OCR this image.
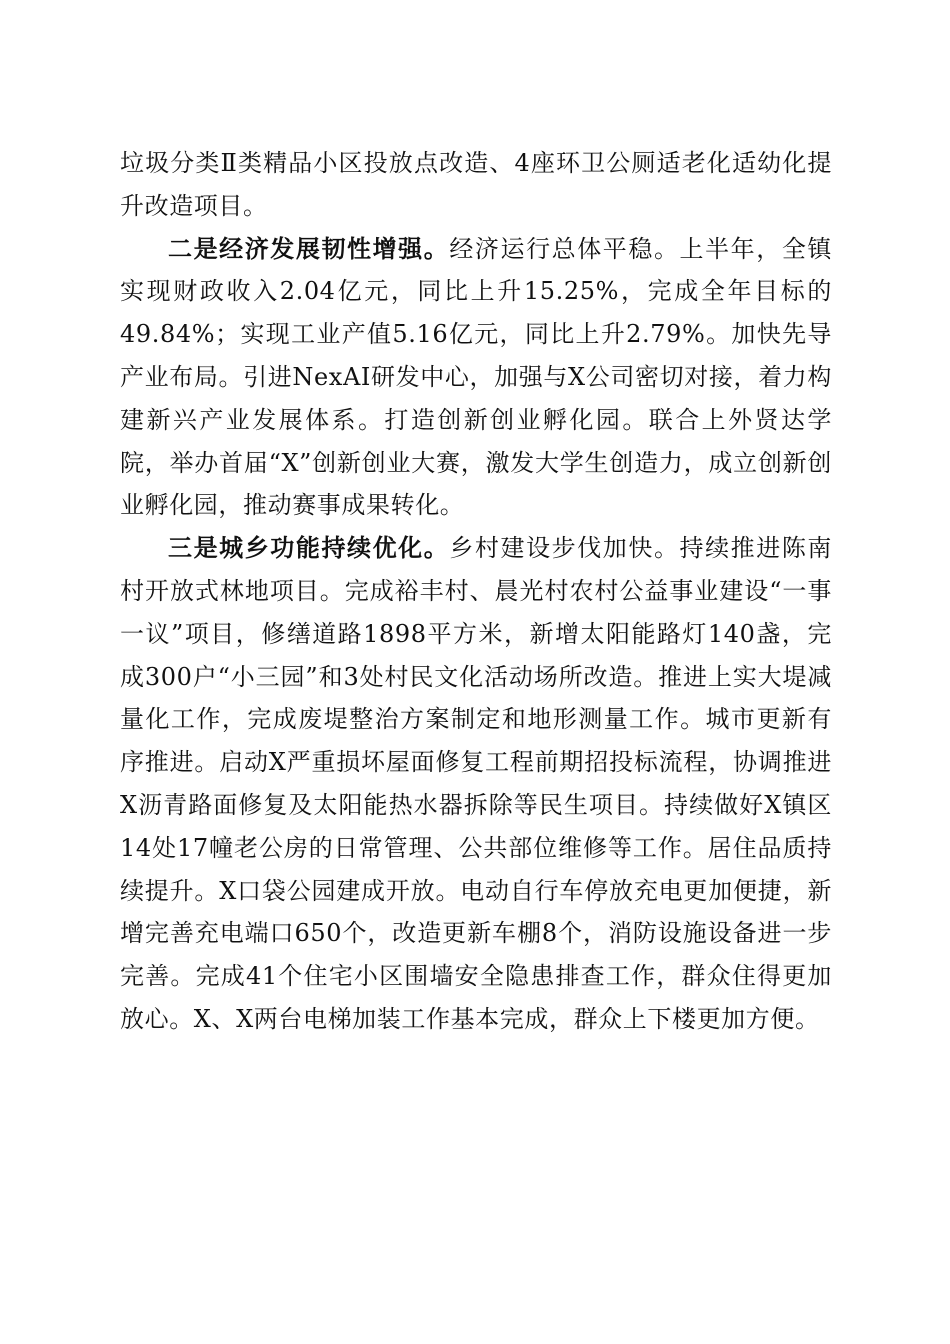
垃圾分类Ⅱ类精品小区投放点改造、4座环卫公厕适老化适幼化提升改造项目。

二是经济发展韧性增强。经济运行总体平稳。上半年，全镇实现财政收入2.04亿元，同比上升15.25%，完成全年目标的49.84%；实现工业产值5.16亿元，同比上升2.79%。加快先导产业布局。引进NexAI研发中心，加强与X公司密切对接，着力构建新兴产业发展体系。打造创新创业孵化园。联合上外贤达学院，举办首届“X”创新创业大赛，激发大学生创造力，成立创新创业孵化园，推动赛事成果转化。

三是城乡功能持续优化。乡村建设步伐加快。持续推进陈南村开放式林地项目。完成裕丰村、晨光村农村公益事业建设“一事一议”项目，修缮道路1898平方米，新增太阳能路灯140盏，完成300户“小三园”和3处村民文化活动场所改造。推进上实大堤减量化工作，完成废堤整治方案制定和地形测量工作。城市更新有序推进。启动X严重损坏屋面修复工程前期招投标流程，协调推进X沥青路面修复及太阳能热水器拆除等民生项目。持续做好X镇区14处17幢老公房的日常管理、公共部位维修等工作。居住品质持续提升。X口袋公园建成开放。电动自行车停放充电更加便捷，新增完善充电端口650个，改造更新车棚8个，消防设施设备进一步完善。完成41个住宅小区围墙安全隐患排查工作，群众住得更加放心。X、X两台电梯加装工作基本完成，群众上下楼更加方便。
